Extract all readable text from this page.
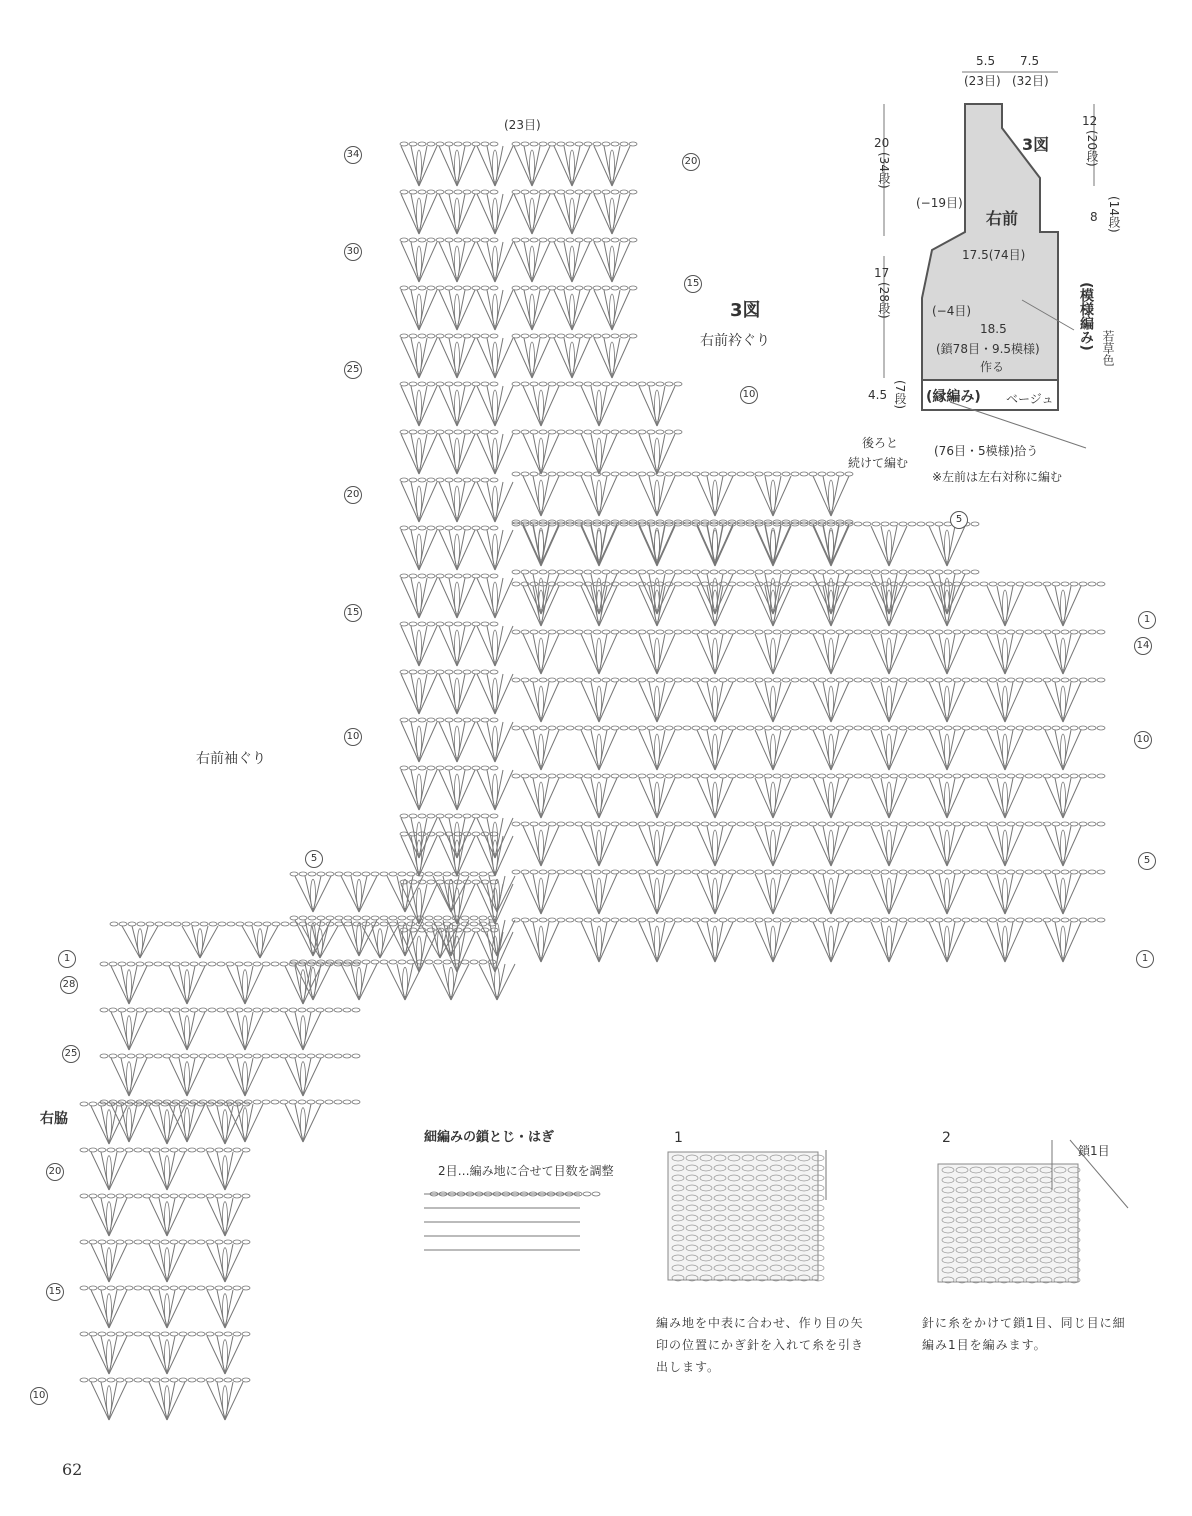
3図
右前衿ぐり
右前袖ぐり
右脇
(23目)
34
30
25
20
15
10
5
1
28
25
20
15
10
20
15
10
5
1
14
10
5
1
5.5 7.5
(23目) (32目)
3図
右前
20
(34段)
17
(28段)
4.5 (7段)
12
(20段)
8 (14段)
(−19目)
17.5(74目)
(−4目)
18.5
(鎖78目・9.5模様)
作る
(模様編み) 若草色
(縁編み) ベージュ
後ろと
続けて編む
(76目・5模様)拾う
※左前は左右対称に編む
細編みの鎖とじ・はぎ
2目…編み地に合せて目数を調整
1	2
鎖1目
編み地を中表に合わせ、作り目の矢印の位置にかぎ針を入れて糸を引き出します。
針に糸をかけて鎖1目、同じ目に細編み1目を編みます。
62
